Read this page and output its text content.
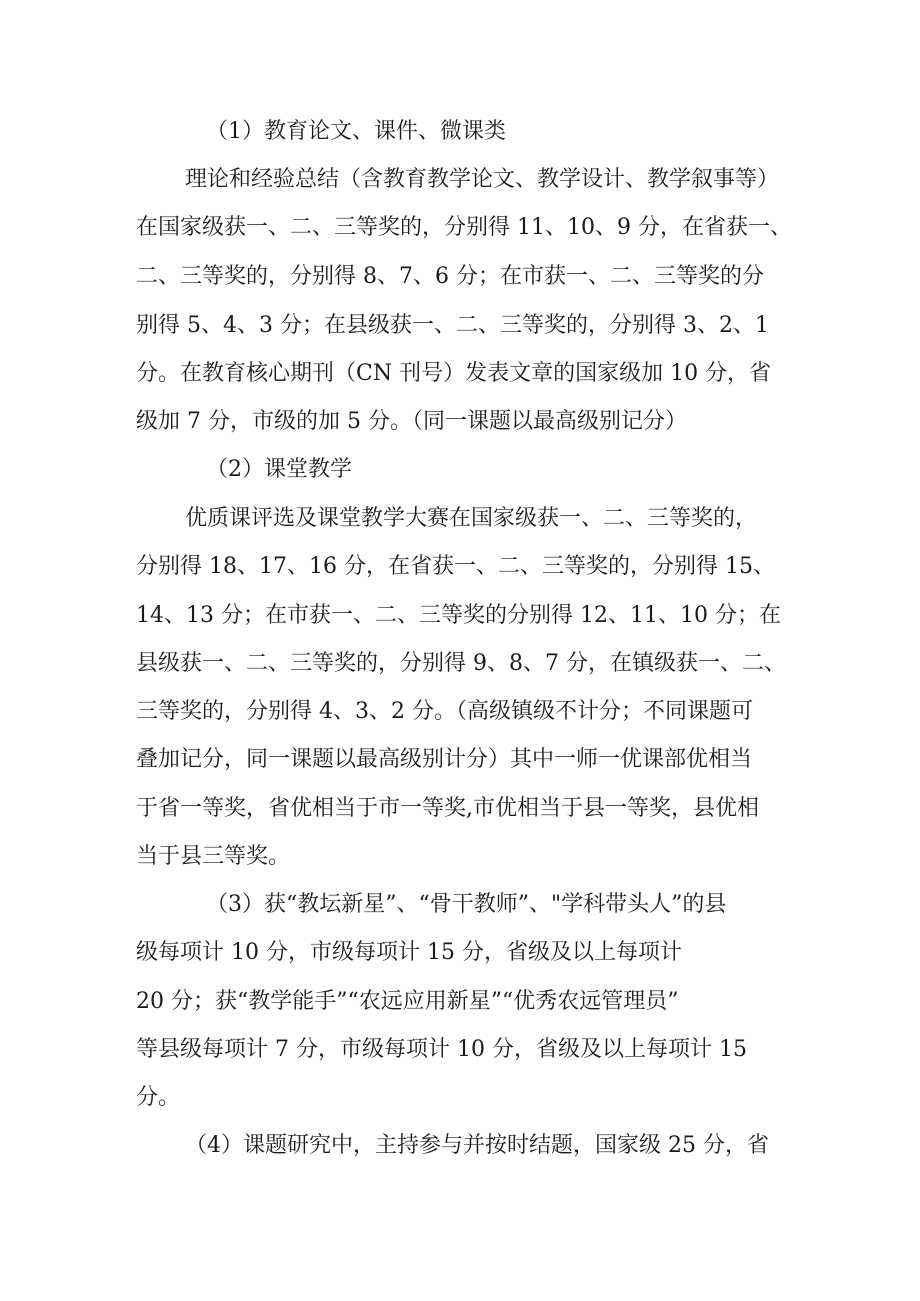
（1）教育论文、课件、微课类
理论和经验总结（含教育教学论文、教学设计、教学叙事等）
在国家级获一、二、三等奖的，分别得 11、10、9 分，在省获一、
二、三等奖的，分别得 8、7、6 分；在市获一、二、三等奖的分
别得 5、4、3 分；在县级获一、二、三等奖的，分别得 3、2、1
分。在教育核心期刊（CN 刊号）发表文章的国家级加 10 分，省
级加 7 分，市级的加 5 分。（同一课题以最高级别记分）
（2）课堂教学
优质课评选及课堂教学大赛在国家级获一、二、三等奖的，
分别得 18、17、16 分，在省获一、二、三等奖的，分别得 15、
14、13 分；在市获一、二、三等奖的分别得 12、11、10 分；在
县级获一、二、三等奖的，分别得 9、8、7 分，在镇级获一、二、
三等奖的，分别得 4、3、2 分。（高级镇级不计分；不同课题可
叠加记分，同一课题以最高级别计分）其中一师一优课部优相当
于省一等奖，省优相当于市一等奖,市优相当于县一等奖，县优相
当于县三等奖。
（3）获“教坛新星”、“骨干教师”、"学科带头人”的县
级每项计 10 分，市级每项计 15 分，省级及以上每项计
20 分；获“教学能手”“农远应用新星”“优秀农远管理员”
等县级每项计 7 分，市级每项计 10 分，省级及以上每项计 15
分。
（4）课题研究中，主持参与并按时结题，国家级 25 分，省
